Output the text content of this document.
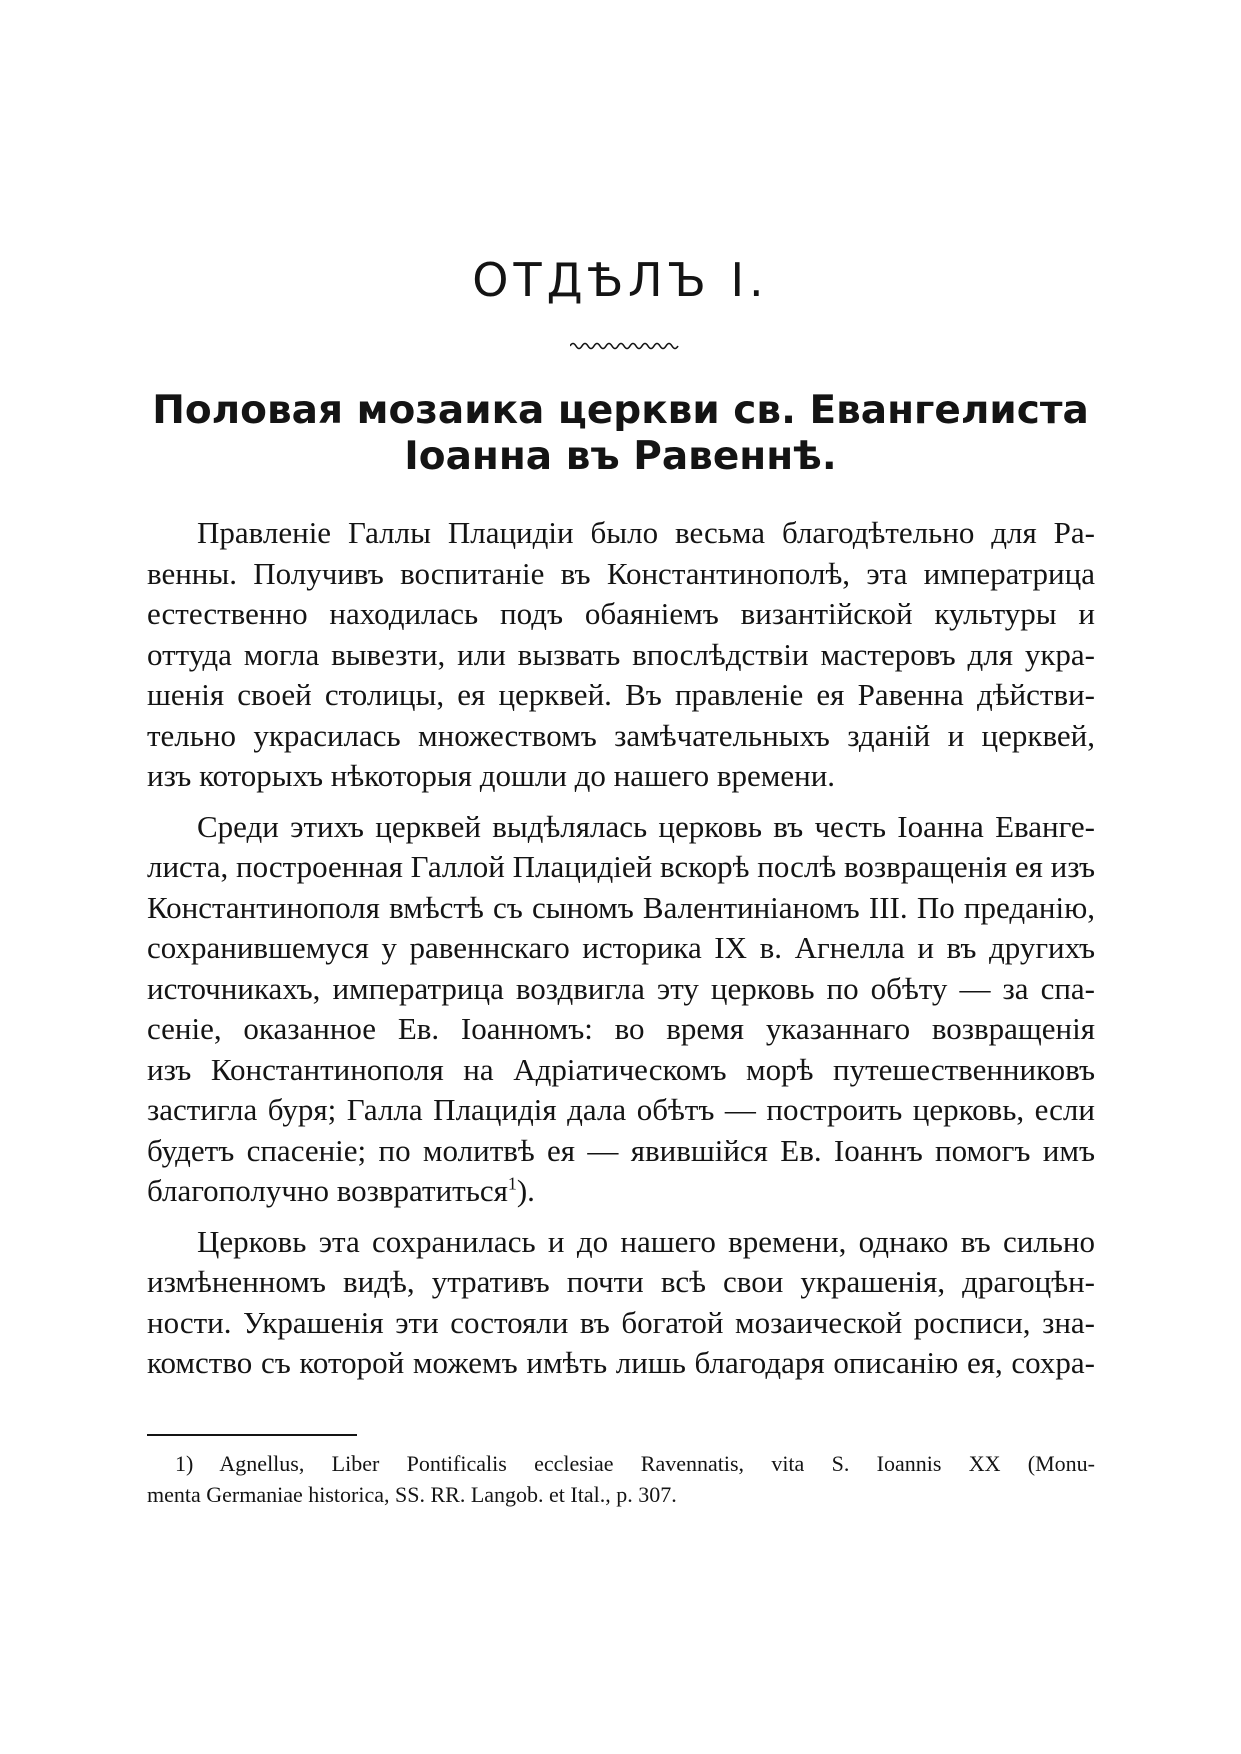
ОТДѢЛЪ I.
Половая мозаика церкви св. Евангелиста
Іоанна въ Равеннѣ.

Правленіе Галлы Плацидіи было весьма благодѣтельно для Ра-
венны. Получивъ воспитаніе въ Константинополѣ, эта императрица
естественно находилась подъ обаяніемъ византійской культуры и
оттуда могла вывезти, или вызвать впослѣдствіи мастеровъ для укра-
шенія своей столицы, ея церквей. Въ правленіе ея Равенна дѣйстви-
тельно украсилась множествомъ замѣчательныхъ зданій и церквей,
изъ которыхъ нѣкоторыя дошли до нашего времени.

Среди этихъ церквей выдѣлялась церковь въ честь Іоанна Еванге-
листа, построенная Галлой Плацидіей вскорѣ послѣ возвращенія ея изъ
Константинополя вмѣстѣ съ сыномъ Валентиніаномъ III. По преданію,
сохранившемуся у равеннскаго историка IX в. Агнелла и въ другихъ
источникахъ, императрица воздвигла эту церковь по обѣту — за спа-
сеніе, оказанное Ев. Іоанномъ: во время указаннаго возвращенія
изъ Константинополя на Адріатическомъ морѣ путешественниковъ
застигла буря; Галла Плацидія дала обѣтъ — построить церковь, если
будетъ спасеніе; по молитвѣ ея — явившійся Ев. Іоаннъ помогъ имъ
благополучно возвратиться$^1$).

Церковь эта сохранилась и до нашего времени, однако въ сильно
измѣненномъ видѣ, утративъ почти всѣ свои украшенія, драгоцѣн-
ности. Украшенія эти состояли въ богатой мозаической росписи, зна-
комство съ которой можемъ имѣть лишь благодаря описанію ея, сохра-

1) Agnellus, Liber Pontificalis ecclesiae Ravennatis, vita S. Ioannis XX (Monu-
menta Germaniae historica, SS. RR. Langob. et Ital., p. 307.
